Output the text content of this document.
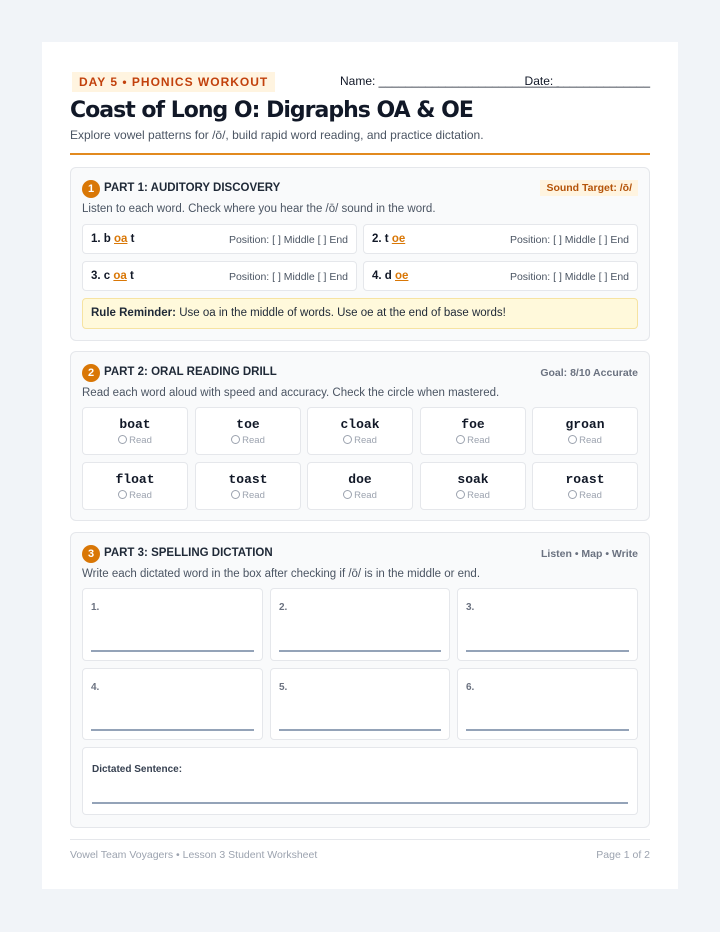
DAY 5 • PHONICS WORKOUT	Name: ___________________________
Date: ______________
Coast of Long O: Digraphs OA & OE
Explore vowel patterns for /ō/, build rapid word reading, and practice dictation.
1 PART 1: AUDITORY DISCOVERY	Sound Target: /ō/
Listen to each word. Check where you hear the /ō/ sound in the word.
1. b oa t	Position: [ ] Middle [ ] End 2. t oe	Position: [ ] Middle [ ] End
3. c oa t	Position: [ ] Middle [ ] End 4. d oe	Position: [ ] Middle [ ] End
Rule Reminder: Use oa in the middle of words. Use oe at the end of base words!
2 PART 2: ORAL READING DRILL	Goal: 8/10 Accurate
Read each word aloud with speed and accuracy. Check the circle when mastered.
boat
Read
toe
Read
cloak
Read
foe
Read
groan
Read
float
Read
toast
Read
doe
Read
soak
Read
roast
Read
3 PART 3: SPELLING DICTATION	Listen • Map • Write
Write each dictated word in the box after checking if /ō/ is in the middle or end.
1.	2.	3.
4.	5.	6.
Dictated Sentence:
Vowel Team Voyagers • Lesson 3 Student Worksheet	Page 1 of 2
